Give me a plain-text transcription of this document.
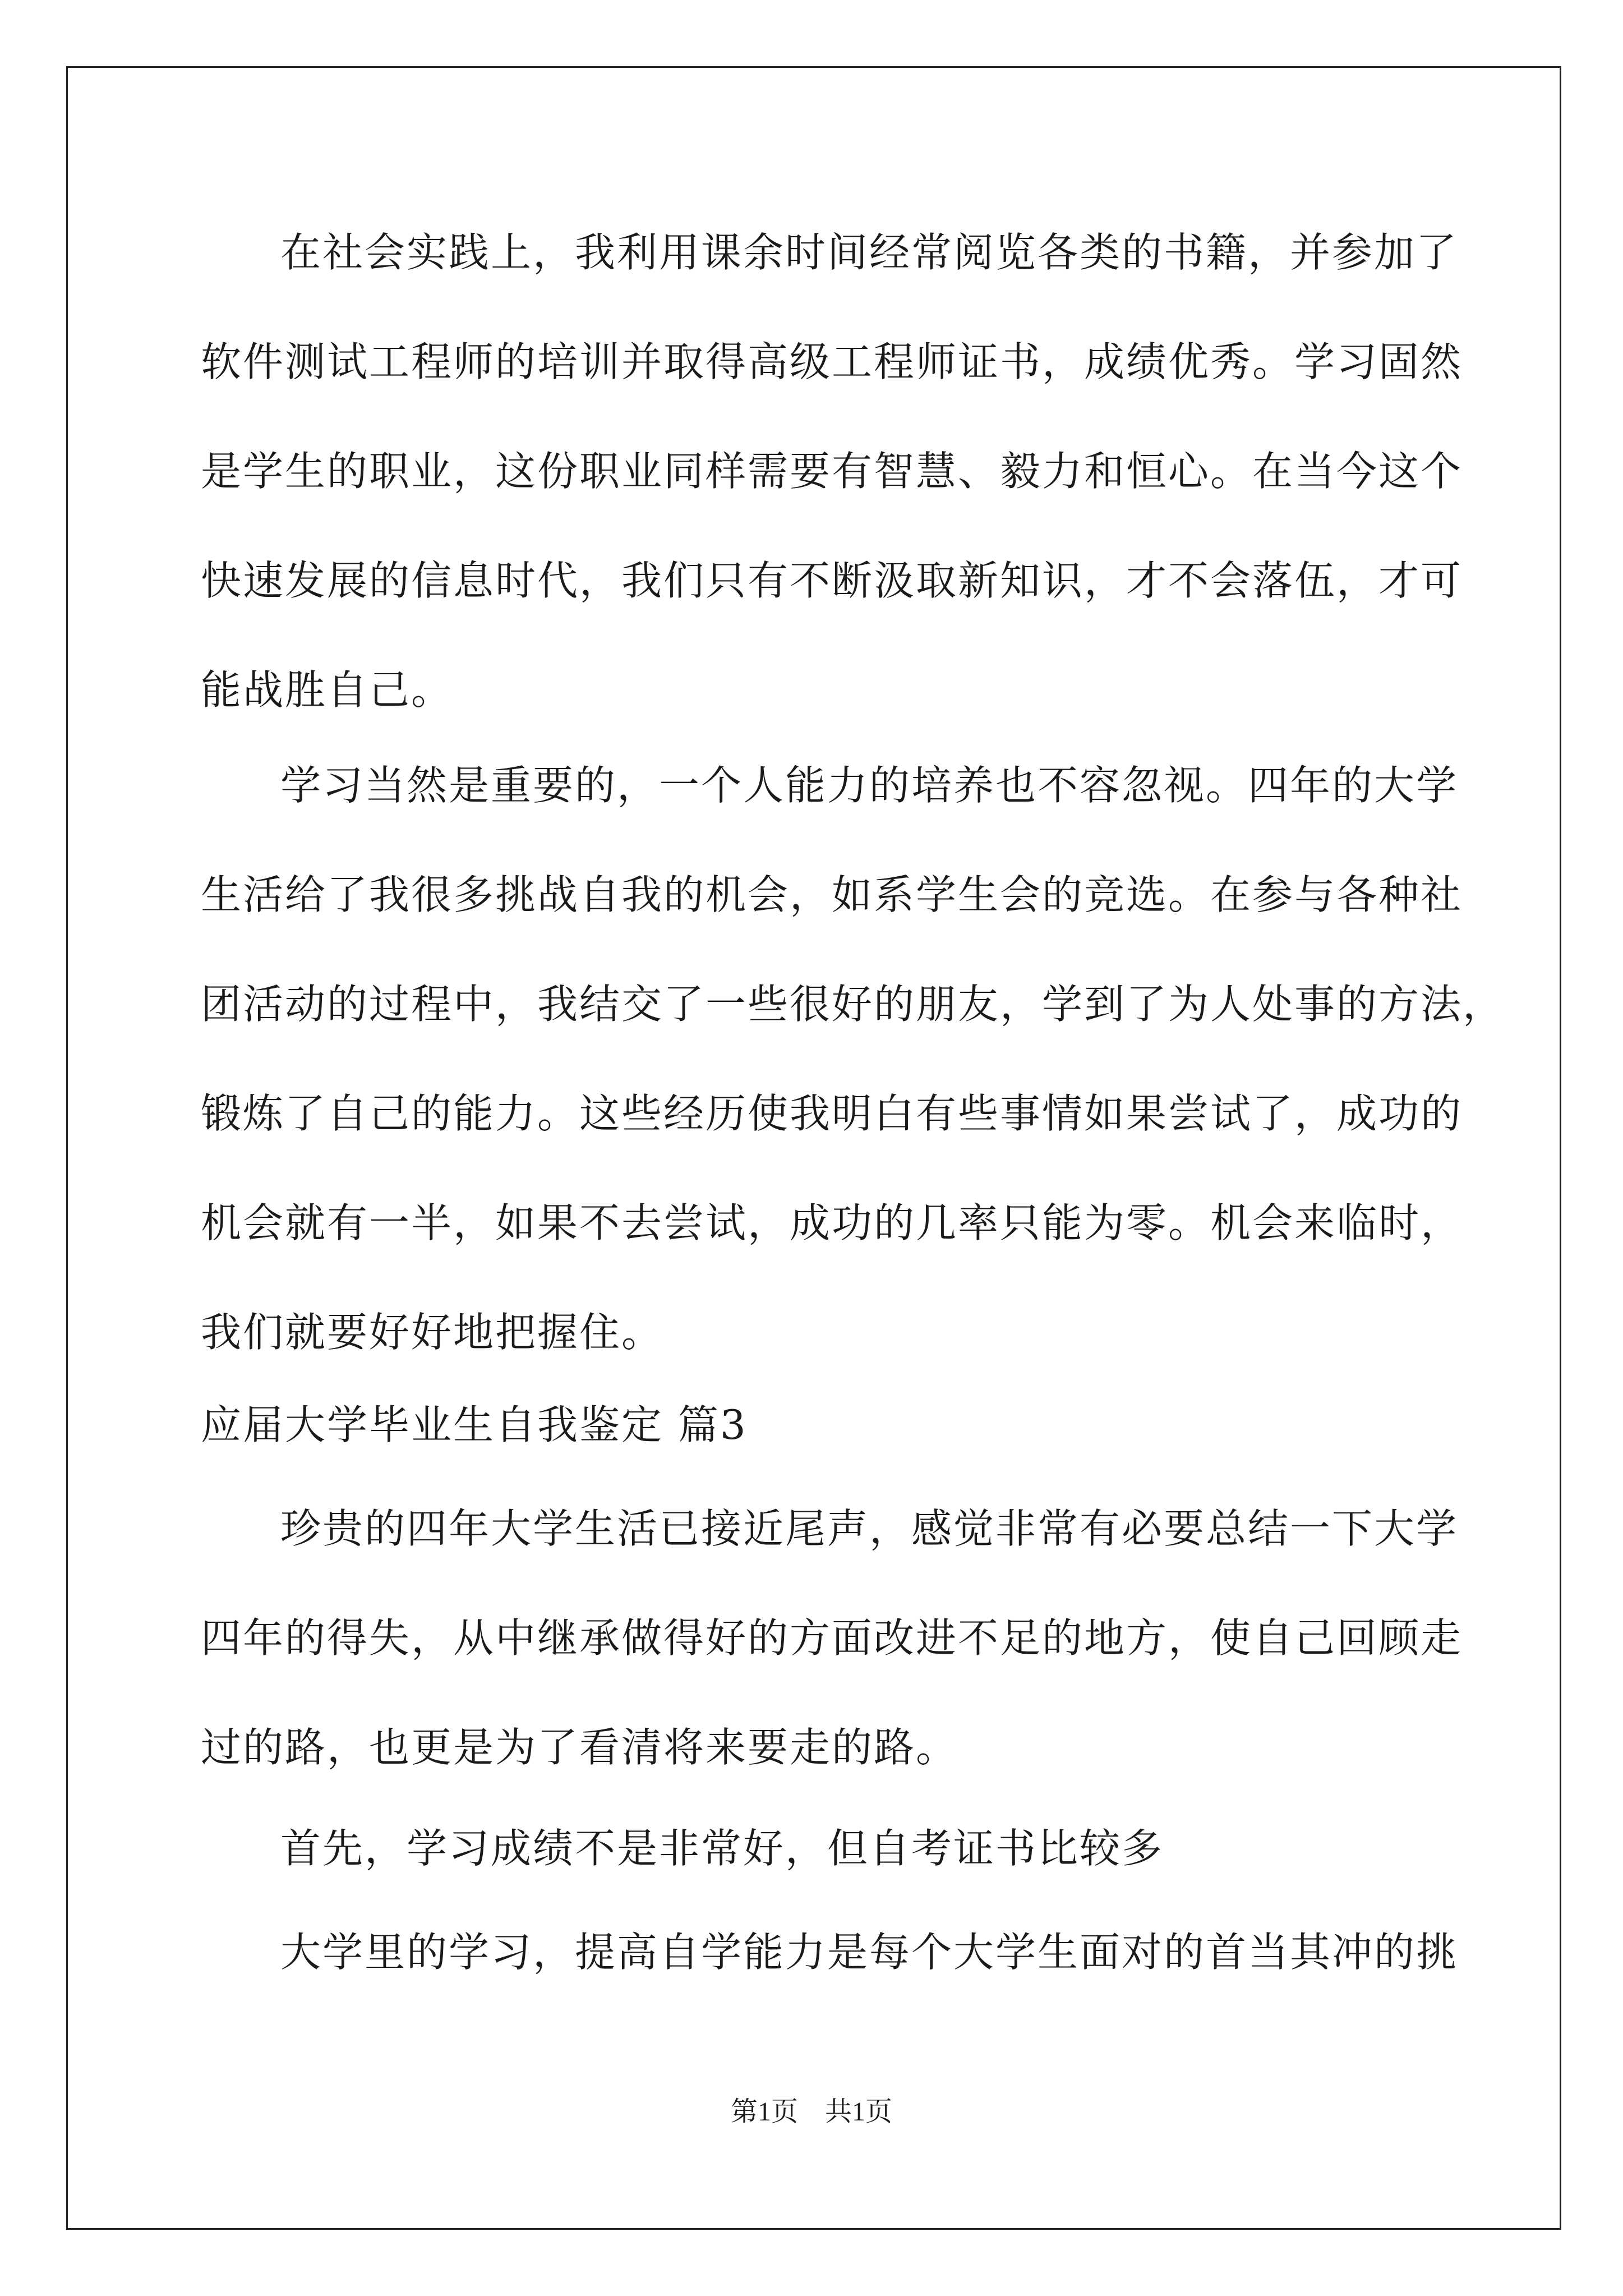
在社会实践上，我利用课余时间经常阅览各类的书籍，并参加了
软件测试工程师的培训并取得高级工程师证书，成绩优秀。学习固然
是学生的职业，这份职业同样需要有智慧、毅力和恒心。在当今这个
快速发展的信息时代，我们只有不断汲取新知识，才不会落伍，才可
能战胜自己。
学习当然是重要的，一个人能力的培养也不容忽视。四年的大学
生活给了我很多挑战自我的机会，如系学生会的竞选。在参与各种社
团活动的过程中，我结交了一些很好的朋友，学到了为人处事的方法，
锻炼了自己的能力。这些经历使我明白有些事情如果尝试了，成功的
机会就有一半，如果不去尝试，成功的几率只能为零。机会来临时，
我们就要好好地把握住。
应届大学毕业生自我鉴定 篇3
珍贵的四年大学生活已接近尾声，感觉非常有必要总结一下大学
四年的得失，从中继承做得好的方面改进不足的地方，使自己回顾走
过的路，也更是为了看清将来要走的路。
首先，学习成绩不是非常好，但自考证书比较多
大学里的学习，提高自学能力是每个大学生面对的首当其冲的挑
第1页　共1页
